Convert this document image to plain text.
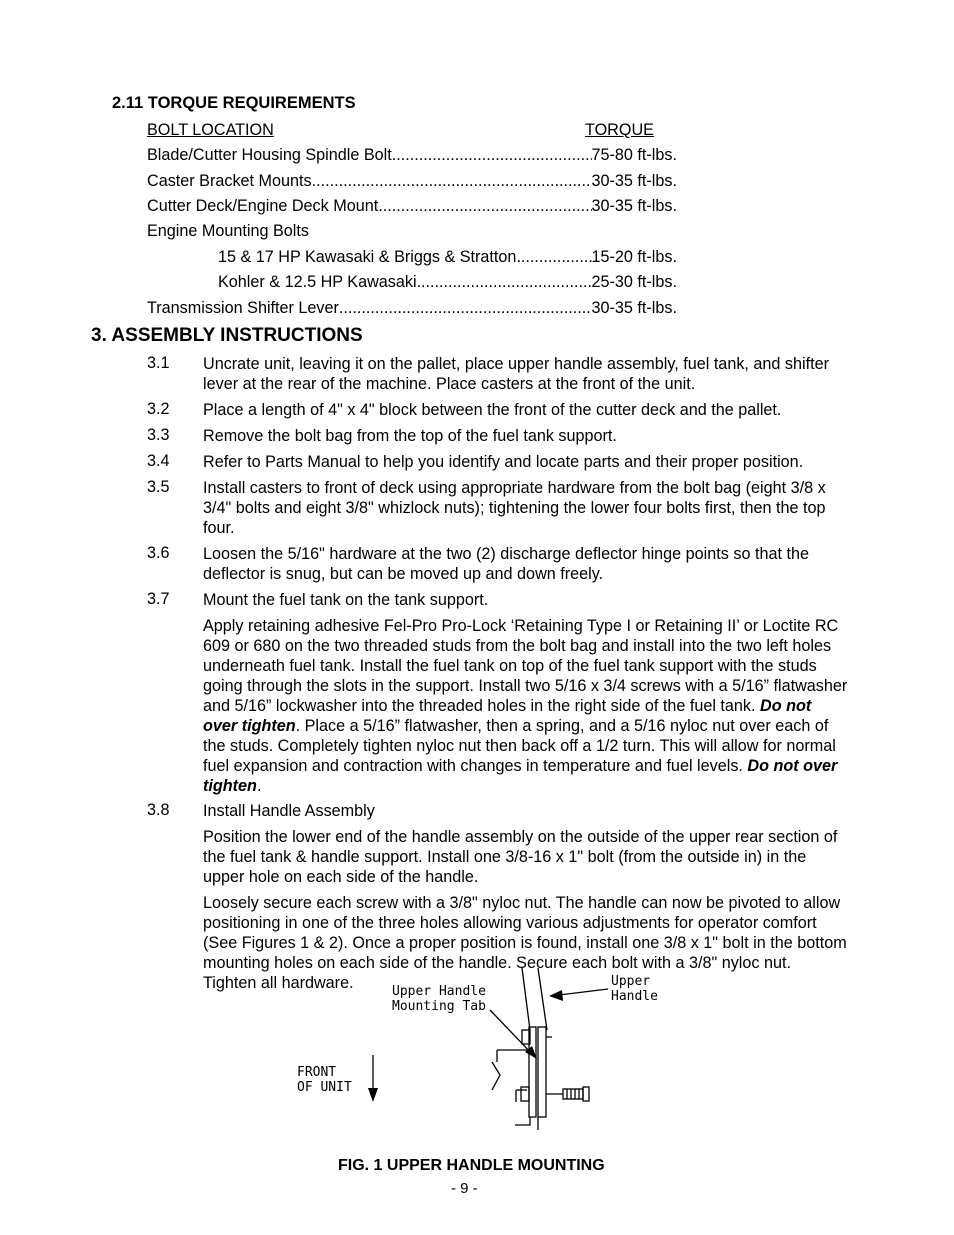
2.11 TORQUE REQUIREMENTS
BOLT LOCATION	TORQUE
Blade/Cutter Housing Spindle Bolt .....	75-80 ft-lbs.
Caster Bracket Mounts .....	30-35 ft-lbs.
Cutter Deck/Engine Deck Mount .....	30-35 ft-lbs.
Engine Mounting Bolts
15 & 17 HP Kawasaki & Briggs & Stratton .....	15-20 ft-lbs.
Kohler & 12.5 HP Kawasaki .....	25-30 ft-lbs.
Transmission Shifter Lever .....	30-35 ft-lbs.
3. ASSEMBLY INSTRUCTIONS
3.1 Uncrate unit, leaving it on the pallet, place upper handle assembly, fuel tank, and shifter lever at the rear of the machine. Place casters at the front of the unit.
3.2 Place a length of 4" x 4" block between the front of the cutter deck and the pallet.
3.3 Remove the bolt bag from the top of the fuel tank support.
3.4 Refer to Parts Manual to help you identify and locate parts and their proper position.
3.5 Install casters to front of deck using appropriate hardware from the bolt bag (eight 3/8 x 3/4" bolts and eight 3/8" whizlock nuts); tightening the lower four bolts first, then the top four.
3.6 Loosen the 5/16" hardware at the two (2) discharge deflector hinge points so that the deflector is snug, but can be moved up and down freely.
3.7 Mount the fuel tank on the tank support.
Apply retaining adhesive Fel-Pro Pro-Lock ‘Retaining Type I or Retaining II’ or Loctite RC 609 or 680 on the two threaded studs from the bolt bag and install into the two left holes underneath fuel tank. Install the fuel tank on top of the fuel tank support with the studs going through the slots in the support. Install two 5/16 x 3/4 screws with a 5/16” flatwasher and 5/16” lockwasher into the threaded holes in the right side of the fuel tank. Do not over tighten. Place a 5/16” flatwasher, then a spring, and a 5/16 nyloc nut over each of the studs. Completely tighten nyloc nut then back off a 1/2 turn. This will allow for normal fuel expansion and contraction with changes in temperature and fuel levels. Do not over tighten.
3.8 Install Handle Assembly
Position the lower end of the handle assembly on the outside of the upper rear section of the fuel tank & handle support. Install one 3/8-16 x 1" bolt (from the outside in) in the upper hole on each side of the handle.
Loosely secure each screw with a 3/8" nyloc nut. The handle can now be pivoted to allow positioning in one of the three holes allowing various adjustments for operator comfort (See Figures 1 & 2). Once a proper position is found, install one 3/8 x 1" bolt in the bottom mounting holes on each side of the handle. Secure each bolt with a 3/8" nyloc nut. Tighten all hardware.	Upper Handle
Mounting Tab
Upper
Handle
FRONT
OF UNIT
FIG. 1 UPPER HANDLE MOUNTING
- 9 -
